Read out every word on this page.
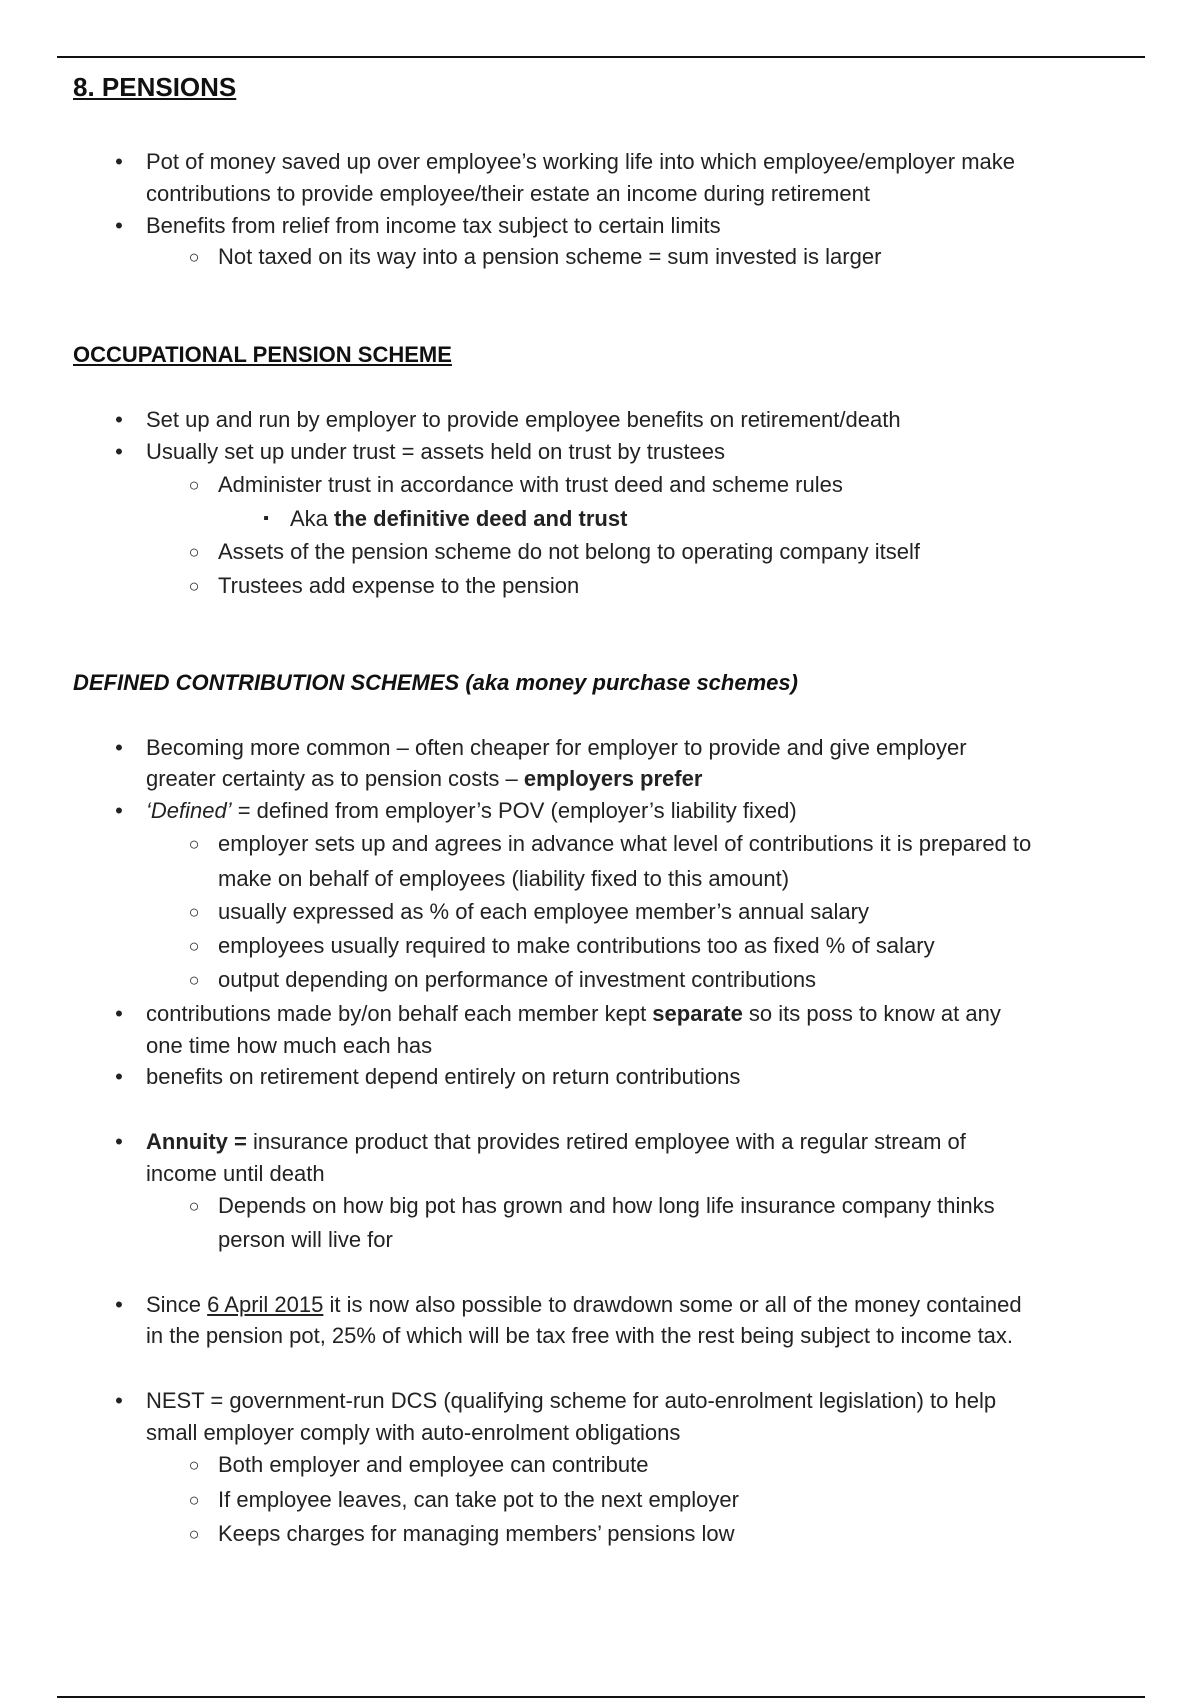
8. PENSIONS
• Pot of money saved up over employee’s working life into which employee/employer make
contributions to provide employee/their estate an income during retirement
• Benefits from relief from income tax subject to certain limits
○ Not taxed on its way into a pension scheme = sum invested is larger
OCCUPATIONAL PENSION SCHEME
• Set up and run by employer to provide employee benefits on retirement/death
• Usually set up under trust = assets held on trust by trustees
○ Administer trust in accordance with trust deed and scheme rules
▪ Aka the definitive deed and trust
○ Assets of the pension scheme do not belong to operating company itself
○ Trustees add expense to the pension
DEFINED CONTRIBUTION SCHEMES (aka money purchase schemes)
• Becoming more common – often cheaper for employer to provide and give employer
greater certainty as to pension costs – employers prefer
• ‘Defined’ = defined from employer’s POV (employer’s liability fixed)
○ employer sets up and agrees in advance what level of contributions it is prepared to
make on behalf of employees (liability fixed to this amount)
○ usually expressed as % of each employee member’s annual salary
○ employees usually required to make contributions too as fixed % of salary
○ output depending on performance of investment contributions
• contributions made by/on behalf each member kept separate so its poss to know at any
one time how much each has
• benefits on retirement depend entirely on return contributions
• Annuity = insurance product that provides retired employee with a regular stream of
income until death
○ Depends on how big pot has grown and how long life insurance company thinks
person will live for
• Since 6 April 2015 it is now also possible to drawdown some or all of the money contained
in the pension pot, 25% of which will be tax free with the rest being subject to income tax.
• NEST = government-run DCS (qualifying scheme for auto-enrolment legislation) to help
small employer comply with auto-enrolment obligations
○ Both employer and employee can contribute
○ If employee leaves, can take pot to the next employer
○ Keeps charges for managing members’ pensions low
